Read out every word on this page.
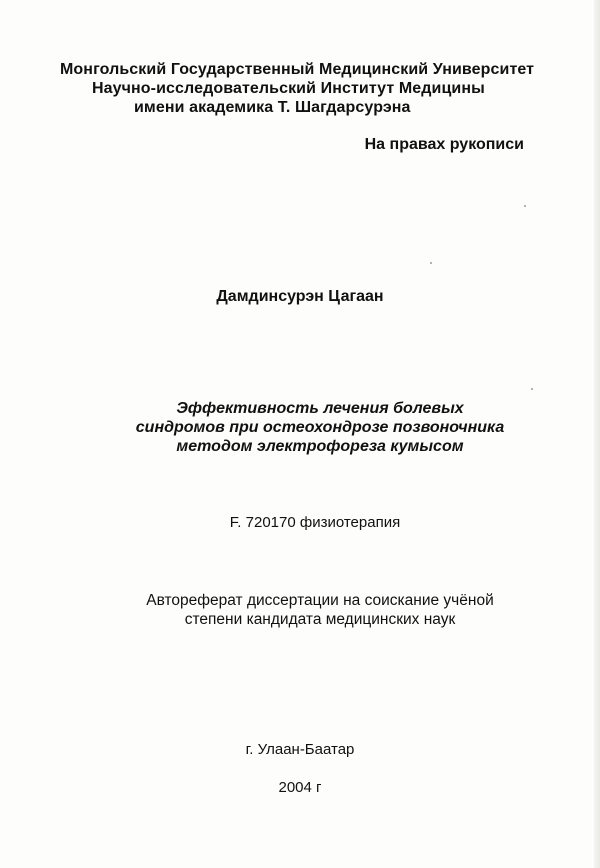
Монгольский Государственный Медицинский Университет

Научно-исследовательский Институт Медицины

имени академика Т. Шагдарсурэна

На правах рукописи

Дамдинсурэн Цагаан

Эффективность лечения болевых
синдромов при остеохондрозе позвоночника
методом электрофореза кумысом

F. 720170 физиотерапия

Автореферат диссертации на соискание учёной
степени кандидата медицинских наук

г. Улаан-Баатар

2004 г
